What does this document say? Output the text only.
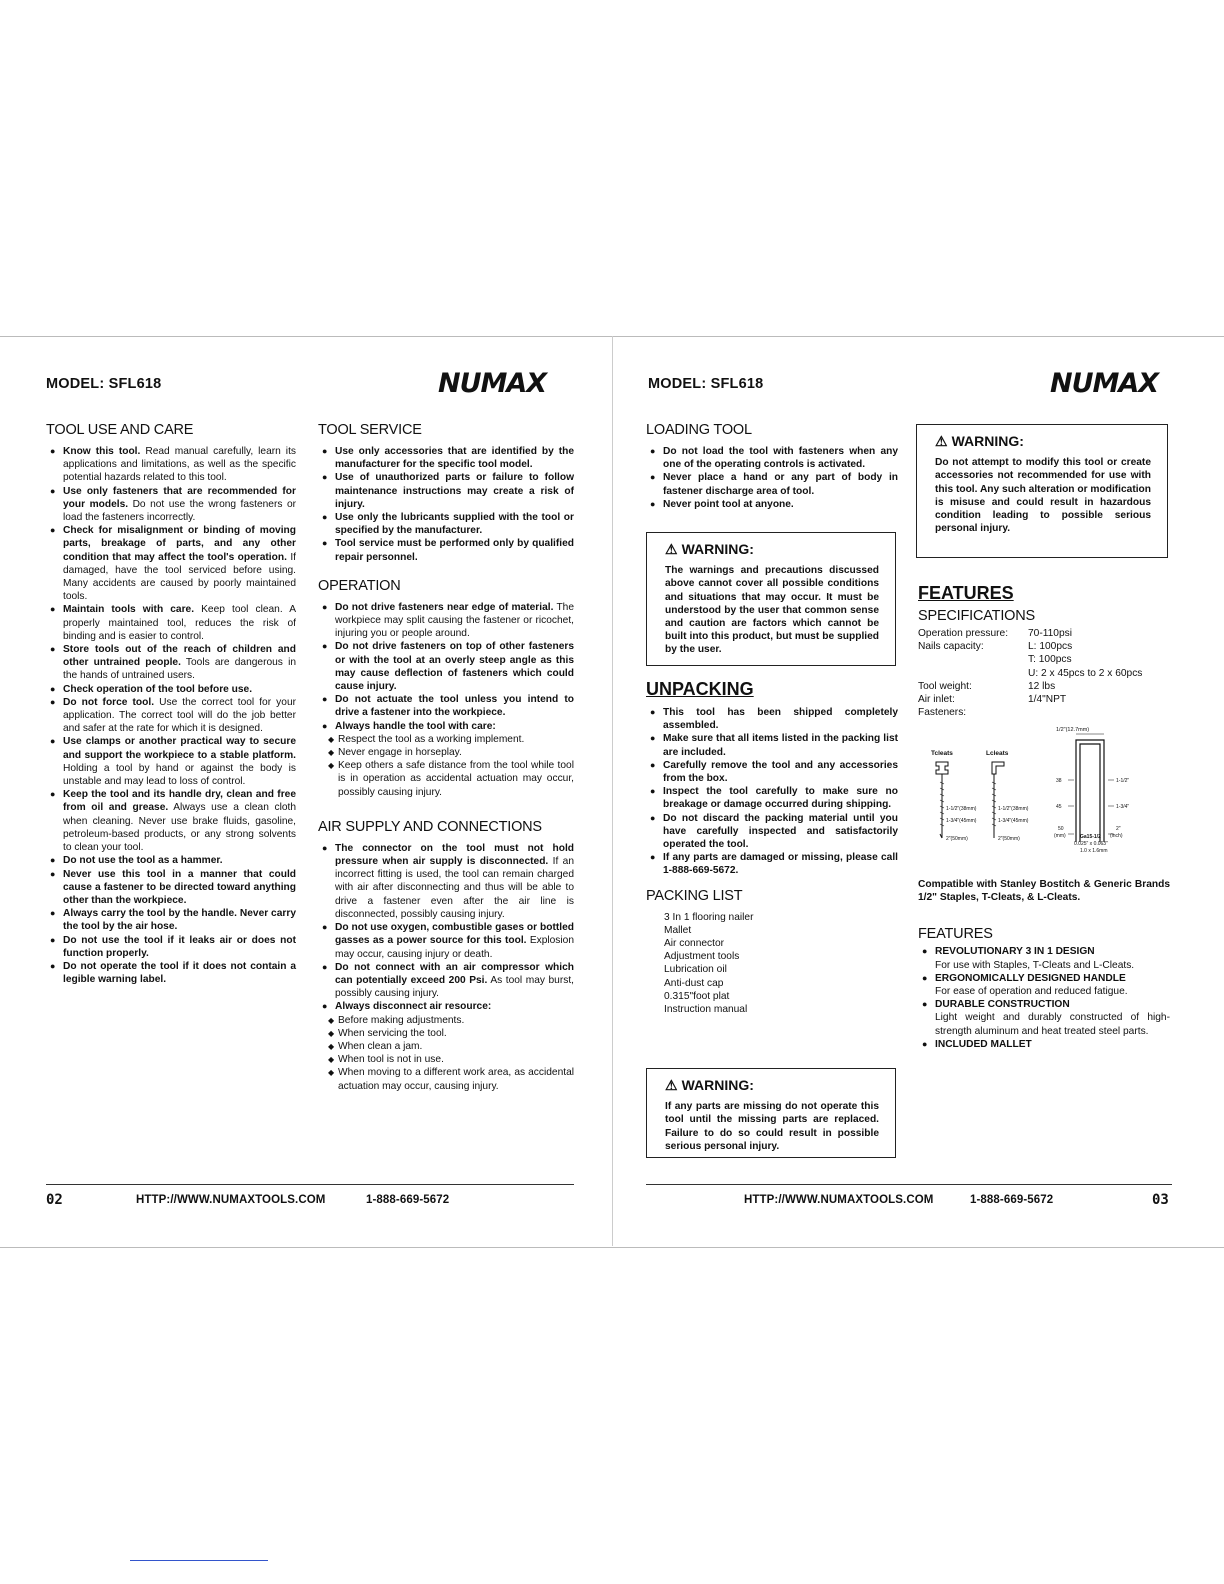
MODEL: SFL618	NUMAX
TOOL USE AND CARE
● Know this tool. Read manual carefully, learn its applications and limitations, as well as the specific potential hazards related to this tool.
● Use only fasteners that are recommended for your models. Do not use the wrong fasteners or load the fasteners incorrectly.
● Check for misalignment or binding of moving parts, breakage of parts, and any other condition that may affect the tool's operation. If damaged, have the tool serviced before using. Many accidents are caused by poorly maintained tools.
● Maintain tools with care. Keep tool clean. A properly maintained tool, reduces the risk of binding and is easier to control.
● Store tools out of the reach of children and other untrained people. Tools are dangerous in the hands of untrained users.
● Check operation of the tool before use.
● Do not force tool. Use the correct tool for your application. The correct tool will do the job better and safer at the rate for which it is designed.
● Use clamps or another practical way to secure and support the workpiece to a stable platform. Holding a tool by hand or against the body is unstable and may lead to loss of control.
● Keep the tool and its handle dry, clean and free from oil and grease. Always use a clean cloth when cleaning. Never use brake fluids, gasoline, petroleum-based products, or any strong solvents to clean your tool.
● Do not use the tool as a hammer.
● Never use this tool in a manner that could cause a fastener to be directed toward anything other than the workpiece.
● Always carry the tool by the handle. Never carry the tool by the air hose.
● Do not use the tool if it leaks air or does not function properly.
● Do not operate the tool if it does not contain a legible warning label.
TOOL SERVICE
● Use only accessories that are identified by the manufacturer for the specific tool model.
● Use of unauthorized parts or failure to follow maintenance instructions may create a risk of injury.
● Use only the lubricants supplied with the tool or specified by the manufacturer.
● Tool service must be performed only by qualified repair personnel.
OPERATION
● Do not drive fasteners near edge of material. The workpiece may split causing the fastener or ricochet, injuring you or people around.
● Do not drive fasteners on top of other fasteners or with the tool at an overly steep angle as this may cause deflection of fasteners which could cause injury.
● Do not actuate the tool unless you intend to drive a fastener into the workpiece.
● Always handle the tool with care:
◆ Respect the tool as a working implement.
◆ Never engage in horseplay.
◆ Keep others a safe distance from the tool while tool is in operation as accidental actuation may occur, possibly causing injury.
AIR SUPPLY AND CONNECTIONS
● The connector on the tool must not hold pressure when air supply is disconnected. If an incorrect fitting is used, the tool can remain charged with air after disconnecting and thus will be able to drive a fastener even after the air line is disconnected, possibly causing injury.
● Do not use oxygen, combustible gases or bottled gasses as a power source for this tool. Explosion may occur, causing injury or death.
● Do not connect with an air compressor which can potentially exceed 200 Psi. As tool may burst, possibly causing injury.
● Always disconnect air resource:
◆ Before making adjustments.
◆ When servicing the tool.
◆ When clean a jam.
◆ When tool is not in use.
◆ When moving to a different work area, as accidental actuation may occur, causing injury.
02	HTTP://WWW.NUMAXTOOLS.COM	1-888-669-5672
MODEL: SFL618	NUMAX
LOADING TOOL
● Do not load the tool with fasteners when any one of the operating controls is activated.
● Never place a hand or any part of body in fastener discharge area of tool.
● Never point tool at anyone.
⚠ WARNING:
The warnings and precautions discussed above cannot cover all possible conditions and situations that may occur. It must be understood by the user that common sense and caution are factors which cannot be built into this product, but must be supplied by the user.
UNPACKING
● This tool has been shipped completely assembled.
● Make sure that all items listed in the packing list are included.
● Carefully remove the tool and any accessories from the box.
● Inspect the tool carefully to make sure no breakage or damage occurred during shipping.
● Do not discard the packing material until you have carefully inspected and satisfactorily operated the tool.
● If any parts are damaged or missing, please call 1-888-669-5672.
PACKING LIST
3 In 1 flooring nailer
Mallet
Air connector
Adjustment tools
Lubrication oil
Anti-dust cap
0.315"foot plat
Instruction manual
⚠ WARNING:
If any parts are missing do not operate this tool until the missing parts are replaced. Failure to do so could result in possible serious personal injury.
⚠ WARNING:
Do not attempt to modify this tool or create accessories not recommended for use with this tool. Any such alteration or modification is misuse and could result in hazardous condition leading to possible serious personal injury.
FEATURES
SPECIFICATIONS
Operation pressure:	70-110psi
Nails capacity:	L: 100pcs
	T: 100pcs
	U: 2 x 45pcs to 2 x 60pcs
Tool weight:	12 lbs
Air inlet:	1/4"NPT
Fasteners:	
Tcleats	Lcleats
1/2"(12.7mm)
1-1/2"(38mm)
1-3/4"(45mm)
2"(50mm)
1-1/2"(38mm)
1-3/4"(45mm)
2"(50mm)
38
45
50
(mm)
1-1/2"
1-3/4"
2"
(inch)
Ga15-1/2
0.025" x 0.063"
1.0 x 1.6mm
Compatible with Stanley Bostitch & Generic Brands 1/2" Staples, T-Cleats, & L-Cleats.
FEATURES
● REVOLUTIONARY 3 IN 1 DESIGN
For use with Staples, T-Cleats and L-Cleats.
● ERGONOMICALLY DESIGNED HANDLE
For ease of operation and reduced fatigue.
● DURABLE CONSTRUCTION
Light weight and durably constructed of high-strength aluminum and heat treated steel parts.
● INCLUDED MALLET
HTTP://WWW.NUMAXTOOLS.COM	1-888-669-5672	03
